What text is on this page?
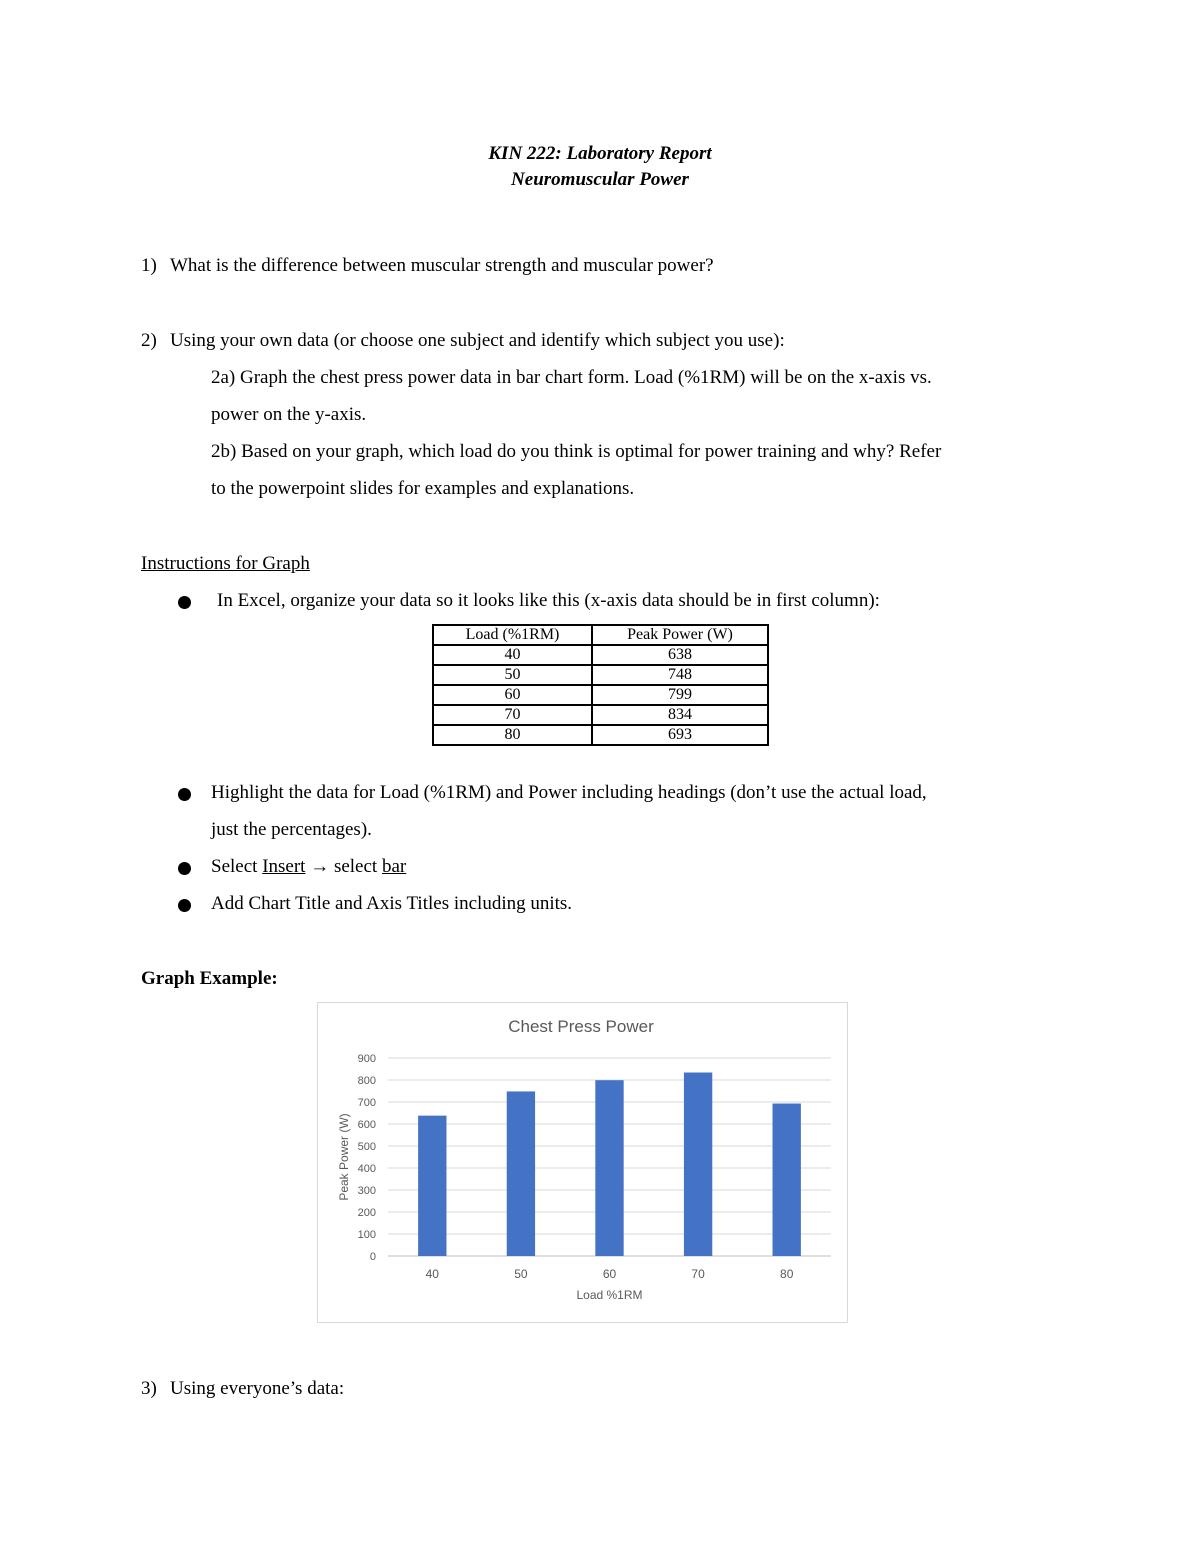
KIN 222: Laboratory Report
Neuromuscular Power
1) What is the difference between muscular strength and muscular power?
2) Using your own data (or choose one subject and identify which subject you use):
2a) Graph the chest press power data in bar chart form. Load (%1RM) will be on the x-axis vs.
power on the y-axis.
2b) Based on your graph, which load do you think is optimal for power training and why? Refer
to the powerpoint slides for examples and explanations.
Instructions for Graph
In Excel, organize your data so it looks like this (x-axis data should be in first column):
Load (%1RM)	Peak Power (W)
40	638
50	748
60	799
70	834
80	693
Highlight the data for Load (%1RM) and Power including headings (don’t use the actual load,
just the percentages).
Select Insert → select bar
Add Chart Title and Axis Titles including units.
Graph Example:
Chest Press Power
0
100
200
300
400
500
600
700
800
900
40	50	60	70	80
Load %1RM
Peak Power (W)
3) Using everyone’s data:
